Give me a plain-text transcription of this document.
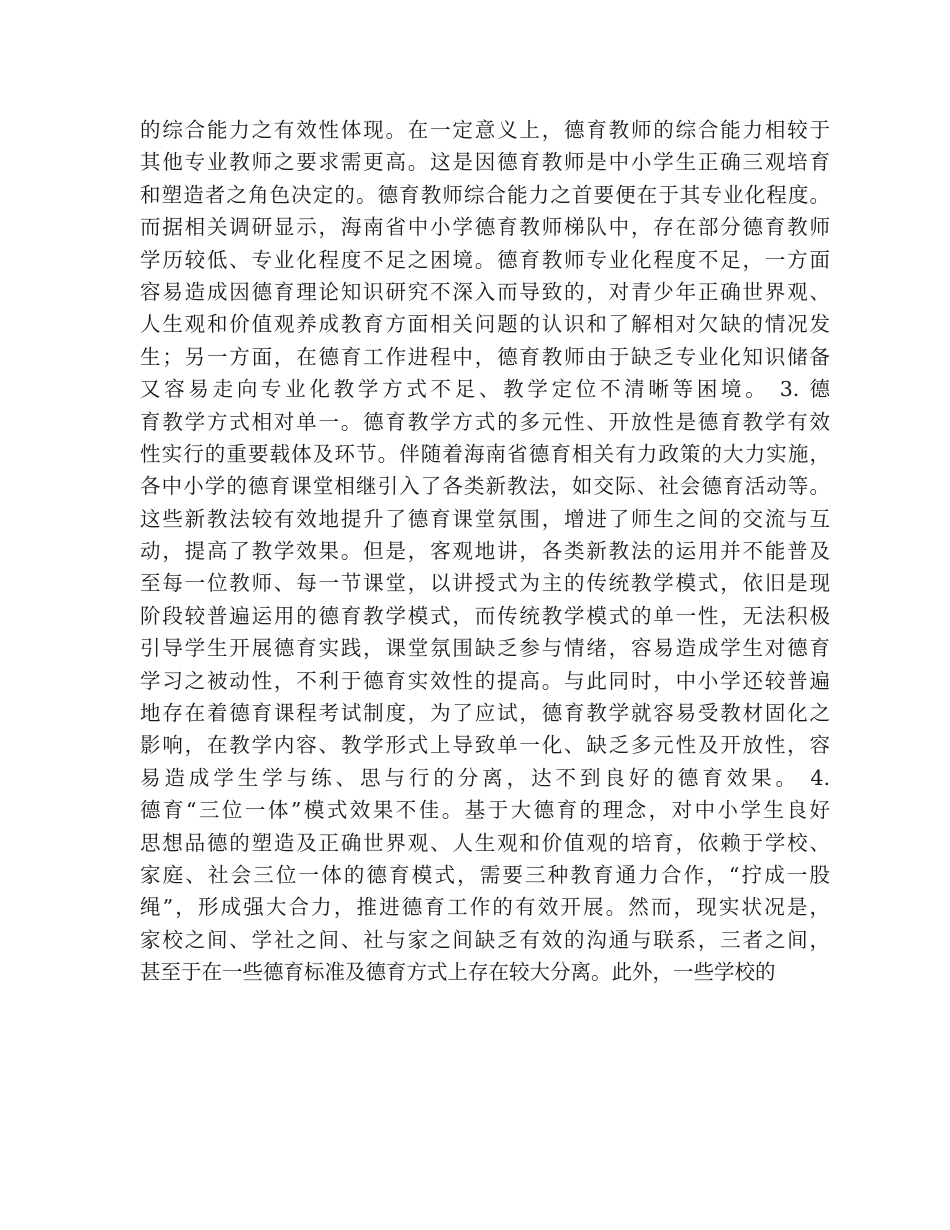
的综合能力之有效性体现。在一定意义上，德育教师的综合能力相较于
其他专业教师之要求需更高。这是因德育教师是中小学生正确三观培育
和塑造者之角色决定的。德育教师综合能力之首要便在于其专业化程度。
而据相关调研显示，海南省中小学德育教师梯队中，存在部分德育教师
学历较低、专业化程度不足之困境。德育教师专业化程度不足，一方面
容易造成因德育理论知识研究不深入而导致的，对青少年正确世界观、
人生观和价值观养成教育方面相关问题的认识和了解相对欠缺的情况发
生；另一方面，在德育工作进程中，德育教师由于缺乏专业化知识储备
又容易走向专业化教学方式不足、教学定位不清晰等困境。 3. 德
育教学方式相对单一。德育教学方式的多元性、开放性是德育教学有效
性实行的重要载体及环节。伴随着海南省德育相关有力政策的大力实施，
各中小学的德育课堂相继引入了各类新教法，如交际、社会德育活动等。
这些新教法较有效地提升了德育课堂氛围，增进了师生之间的交流与互
动，提高了教学效果。但是，客观地讲，各类新教法的运用并不能普及
至每一位教师、每一节课堂，以讲授式为主的传统教学模式，依旧是现
阶段较普遍运用的德育教学模式，而传统教学模式的单一性，无法积极
引导学生开展德育实践，课堂氛围缺乏参与情绪，容易造成学生对德育
学习之被动性，不利于德育实效性的提高。与此同时，中小学还较普遍
地存在着德育课程考试制度，为了应试，德育教学就容易受教材固化之
影响，在教学内容、教学形式上导致单一化、缺乏多元性及开放性，容
易造成学生学与练、思与行的分离，达不到良好的德育效果。 4.
德育“三位一体”模式效果不佳。基于大德育的理念，对中小学生良好
思想品德的塑造及正确世界观、人生观和价值观的培育，依赖于学校、
家庭、社会三位一体的德育模式，需要三种教育通力合作，“拧成一股
绳”，形成强大合力，推进德育工作的有效开展。然而，现实状况是，
家校之间、学社之间、社与家之间缺乏有效的沟通与联系，三者之间，
甚至于在一些德育标准及德育方式上存在较大分离。此外，一些学校的
